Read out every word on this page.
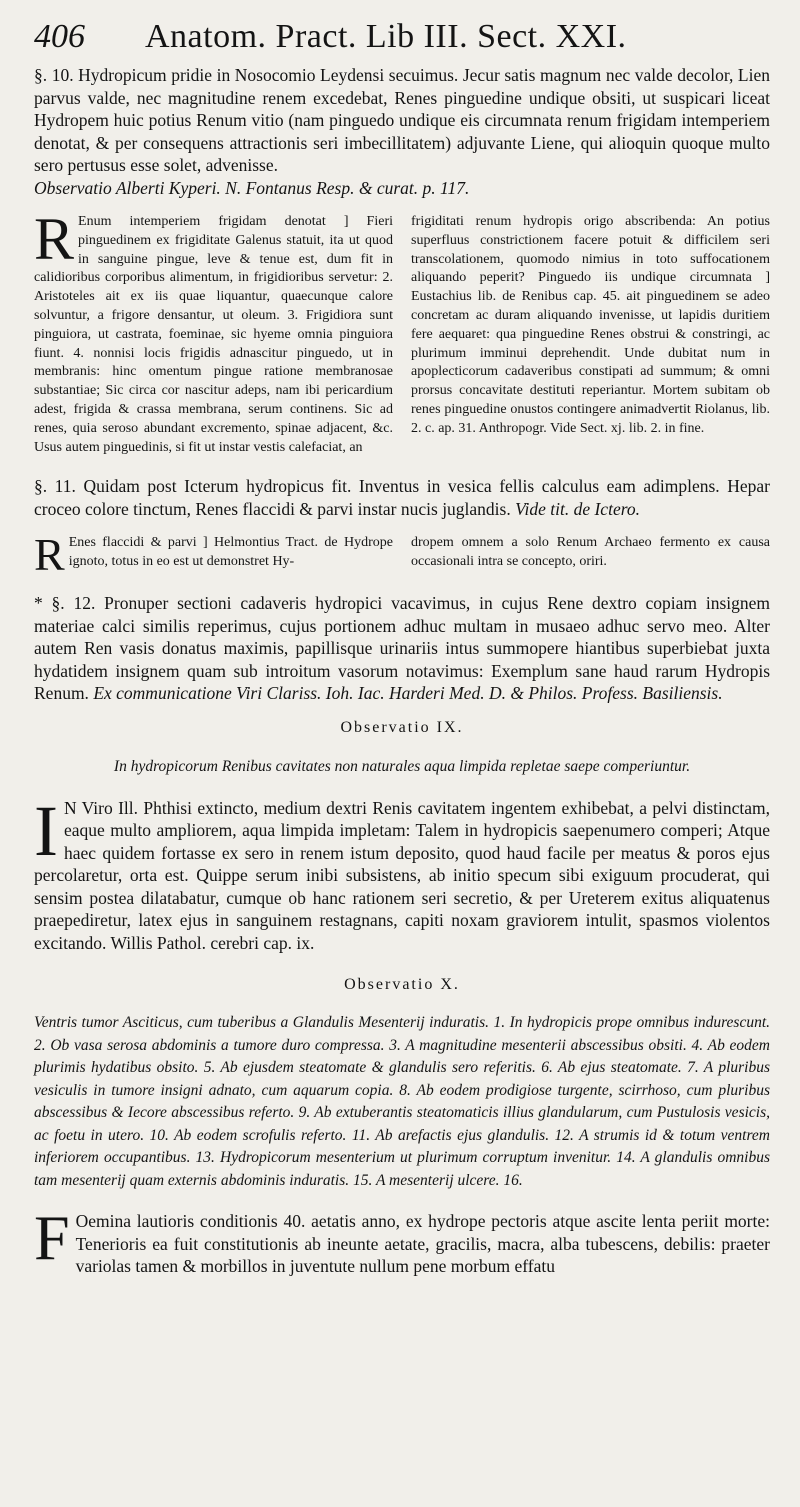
406 Anatom. Pract. Lib III. Sect. XXI.

§. 10. Hydropicum pridie in Nosocomio Leydensi secuimus. Jecur satis magnum nec valde decolor, Lien parvus valde, nec magnitudine renem excedebat, Renes pinguedine undique obsiti, ut suspicari liceat Hydropem huic potius Renum vitio (nam pinguedo undique eis circumnata renum frigidam intemperiem denotat, & per consequens attractionis seri imbecillitatem) adjuvante Liene, qui alioquin quoque multo sero pertusus esse solet, advenisse.

Observatio Alberti Kyperi. N. Fontanus Resp. & curat. p. 117.

R Enum intemperiem frigidam denotat ] Fieri pinguedinem ex frigiditate Galenus statuit, ita ut quod in sanguine pingue, leve & tenue est, dum fit in calidioribus corporibus alimentum, in frigidioribus servetur: 2. Aristoteles ait ex iis quae liquantur, quaecunque calore solvuntur, a frigore densantur, ut oleum. 3. Frigidiora sunt pinguiora, ut castrata, foeminae, sic hyeme omnia pinguiora fiunt. 4. nonnisi locis frigidis adnascitur pinguedo, ut in membranis: hinc omentum pingue ratione membranosae substantiae; Sic circa cor nascitur adeps, nam ibi pericardium adest, frigida & crassa membrana, serum continens. Sic ad renes, quia seroso abundant excremento, spinae adjacent, &c. Usus autem pinguedinis, si fit ut instar vestis calefaciat, an
frigiditati renum hydropis origo abscribenda: An potius superfluus constrictionem facere potuit & difficilem seri transcolationem, quomodo nimius in toto suffocationem aliquando peperit? Pinguedo iis undique circumnata ] Eustachius lib. de Renibus cap. 45. ait pinguedinem se adeo concretam ac duram aliquando invenisse, ut lapidis duritiem fere aequaret: qua pinguedine Renes obstrui & constringi, ac plurimum imminui deprehendit. Unde dubitat num in apoplecticorum cadaveribus constipati ad summum; & omni prorsus concavitate destituti reperiantur. Mortem subitam ob renes pinguedine onustos contingere animadvertit Riolanus, lib. 2. c. ap. 31. Anthropogr. Vide Sect. xj. lib. 2. in fine.
§. 11. Quidam post Icterum hydropicus fit. Inventus in vesica fellis calculus eam adimplens. Hepar croceo colore tinctum, Renes flaccidi & parvi instar nucis juglandis. Vide tit. de Ictero.
R Enes flaccidi & parvi ] Helmontius Tract. de Hydrope ignoto, totus in eo est ut demonstret Hy-
dropem omnem a solo Renum Archaeo fermento ex causa occasionali intra se concepto, oriri.
* §. 12. Pronuper sectioni cadaveris hydropici vacavimus, in cujus Rene dextro copiam insignem materiae calci similis reperimus, cujus portionem adhuc multam in musaeo adhuc servo meo. Alter autem Ren vasis donatus maximis, papillisque urinariis intus summopere hiantibus superbiebat juxta hydatidem insignem quam sub introitum vasorum notavimus: Exemplum sane haud rarum Hydropis Renum. Ex communicatione Viri Clariss. Ioh. Iac. Harderi Med. D. & Philos. Profess. Basiliensis.
Observatio IX.
In hydropicorum Renibus cavitates non naturales aqua limpida repletae saepe comperiuntur.
I N Viro Ill. Phthisi extincto, medium dextri Renis cavitatem ingentem exhibebat, a pelvi distinctam, eaque multo ampliorem, aqua limpida impletam: Talem in hydropicis saepenumero comperi; Atque haec quidem fortasse ex sero in renem istum deposito, quod haud facile per meatus & poros ejus percolaretur, orta est. Quippe serum inibi subsistens, ab initio specum sibi exiguum procuderat, qui sensim postea dilatabatur, cumque ob hanc rationem seri secretio, & per Ureterem exitus aliquatenus praepediretur, latex ejus in sanguinem restagnans, capiti noxam graviorem intulit, spasmos violentos excitando. Willis Pathol. cerebri cap. ix.
Observatio X.
Ventris tumor Asciticus, cum tuberibus a Glandulis Mesenterij induratis. 1. In hydropicis prope omnibus indurescunt. 2. Ob vasa serosa abdominis a tumore duro compressa. 3. A magnitudine mesenterii abscessibus obsiti. 4. Ab eodem plurimis hydatibus obsito. 5. Ab ejusdem steatomate & glandulis sero referitis. 6. Ab ejus steatomate. 7. A pluribus vesiculis in tumore insigni adnato, cum aquarum copia. 8. Ab eodem prodigiose turgente, scirrhoso, cum pluribus abscessibus & Iecore abscessibus referto. 9. Ab extuberantis steatomaticis illius glandularum, cum Pustulosis vesicis, ac foetu in utero. 10. Ab eodem scrofulis referto. 11. Ab arefactis ejus glandulis. 12. A strumis id & totum ventrem inferiorem occupantibus. 13. Hydropicorum mesenterium ut plurimum corruptum invenitur. 14. A glandulis omnibus tam mesenterij quam externis abdominis induratis. 15. A mesenterij ulcere. 16.
F Oemina lautioris conditionis 40. aetatis anno, ex hydrope pectoris atque ascite lenta periit morte: Tenerioris ea fuit constitutionis ab ineunte aetate, gracilis, macra, alba tubescens, debilis: praeter variolas tamen & morbillos in juventute nullum pene morbum effatu
